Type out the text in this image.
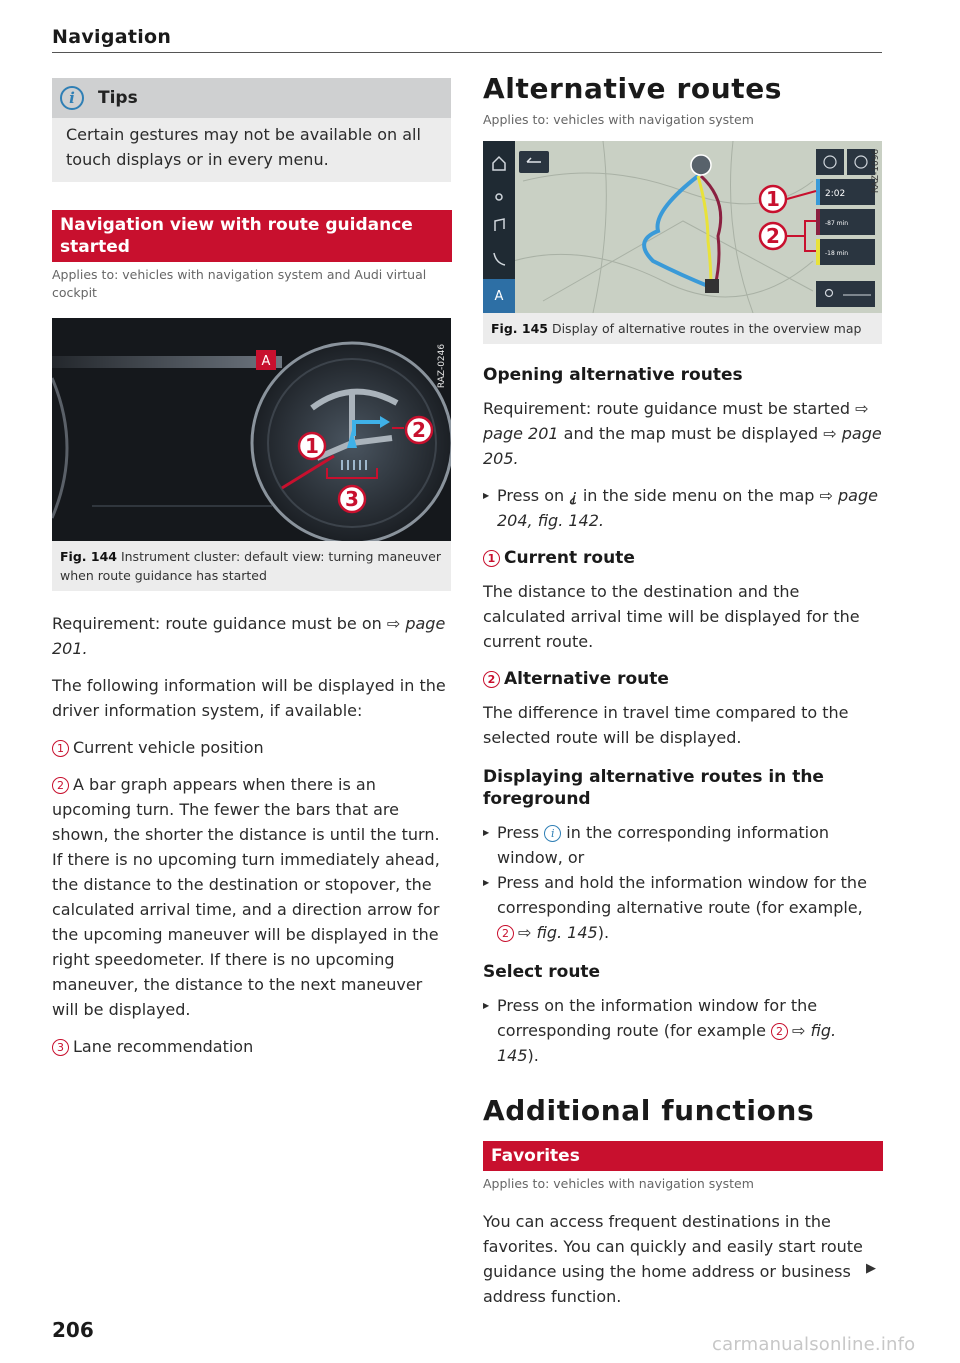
Navigation
i	Tips
Certain gestures may not be available on all touch displays or in every menu.
Navigation view with route guidance started
Applies to: vehicles with navigation system and Audi virtual cockpit
A
1
2
3
RAZ-0246
Fig. 144 Instrument cluster: default view: turning maneuver when route guidance has started
Requirement: route guidance must be on ⇨ page 201.
The following information will be displayed in the driver information system, if available:
1 Current vehicle position
2 A bar graph appears when there is an upcoming turn. The fewer the bars that are shown, the shorter the distance is until the turn. If there is no upcoming turn immediately ahead, the distance to the destination or stopover, the calculated arrival time, and a direction arrow for the upcoming maneuver will be displayed in the right speedometer. If there is no upcoming maneuver, the distance to the next maneuver will be displayed.
3 Lane recommendation
Alternative routes
Applies to: vehicles with navigation system
A
2:02
-87 min
-18 min
1
2
RAZ-1096
Fig. 145 Display of alternative routes in the overview map
Opening alternative routes
Requirement: route guidance must be started ⇨ page 201 and the map must be displayed ⇨ page 205.
▶ Press on ⸘ in the side menu on the map ⇨ page 204, fig. 142.
1 Current route
The distance to the destination and the calculated arrival time will be displayed for the current route.
2 Alternative route
The difference in travel time compared to the selected route will be displayed.
Displaying alternative routes in the foreground
▶ Press i in the corresponding information window, or
▶ Press and hold the information window for the corresponding alternative route (for example, 2 ⇨ fig. 145).
Select route
▶ Press on the information window for the corresponding route (for example 2 ⇨ fig. 145).
Additional functions
Favorites
Applies to: vehicles with navigation system
You can access frequent destinations in the favorites. You can quickly and easily start route guidance using the home address or business address function.
▶
206
carmanualsonline.info
